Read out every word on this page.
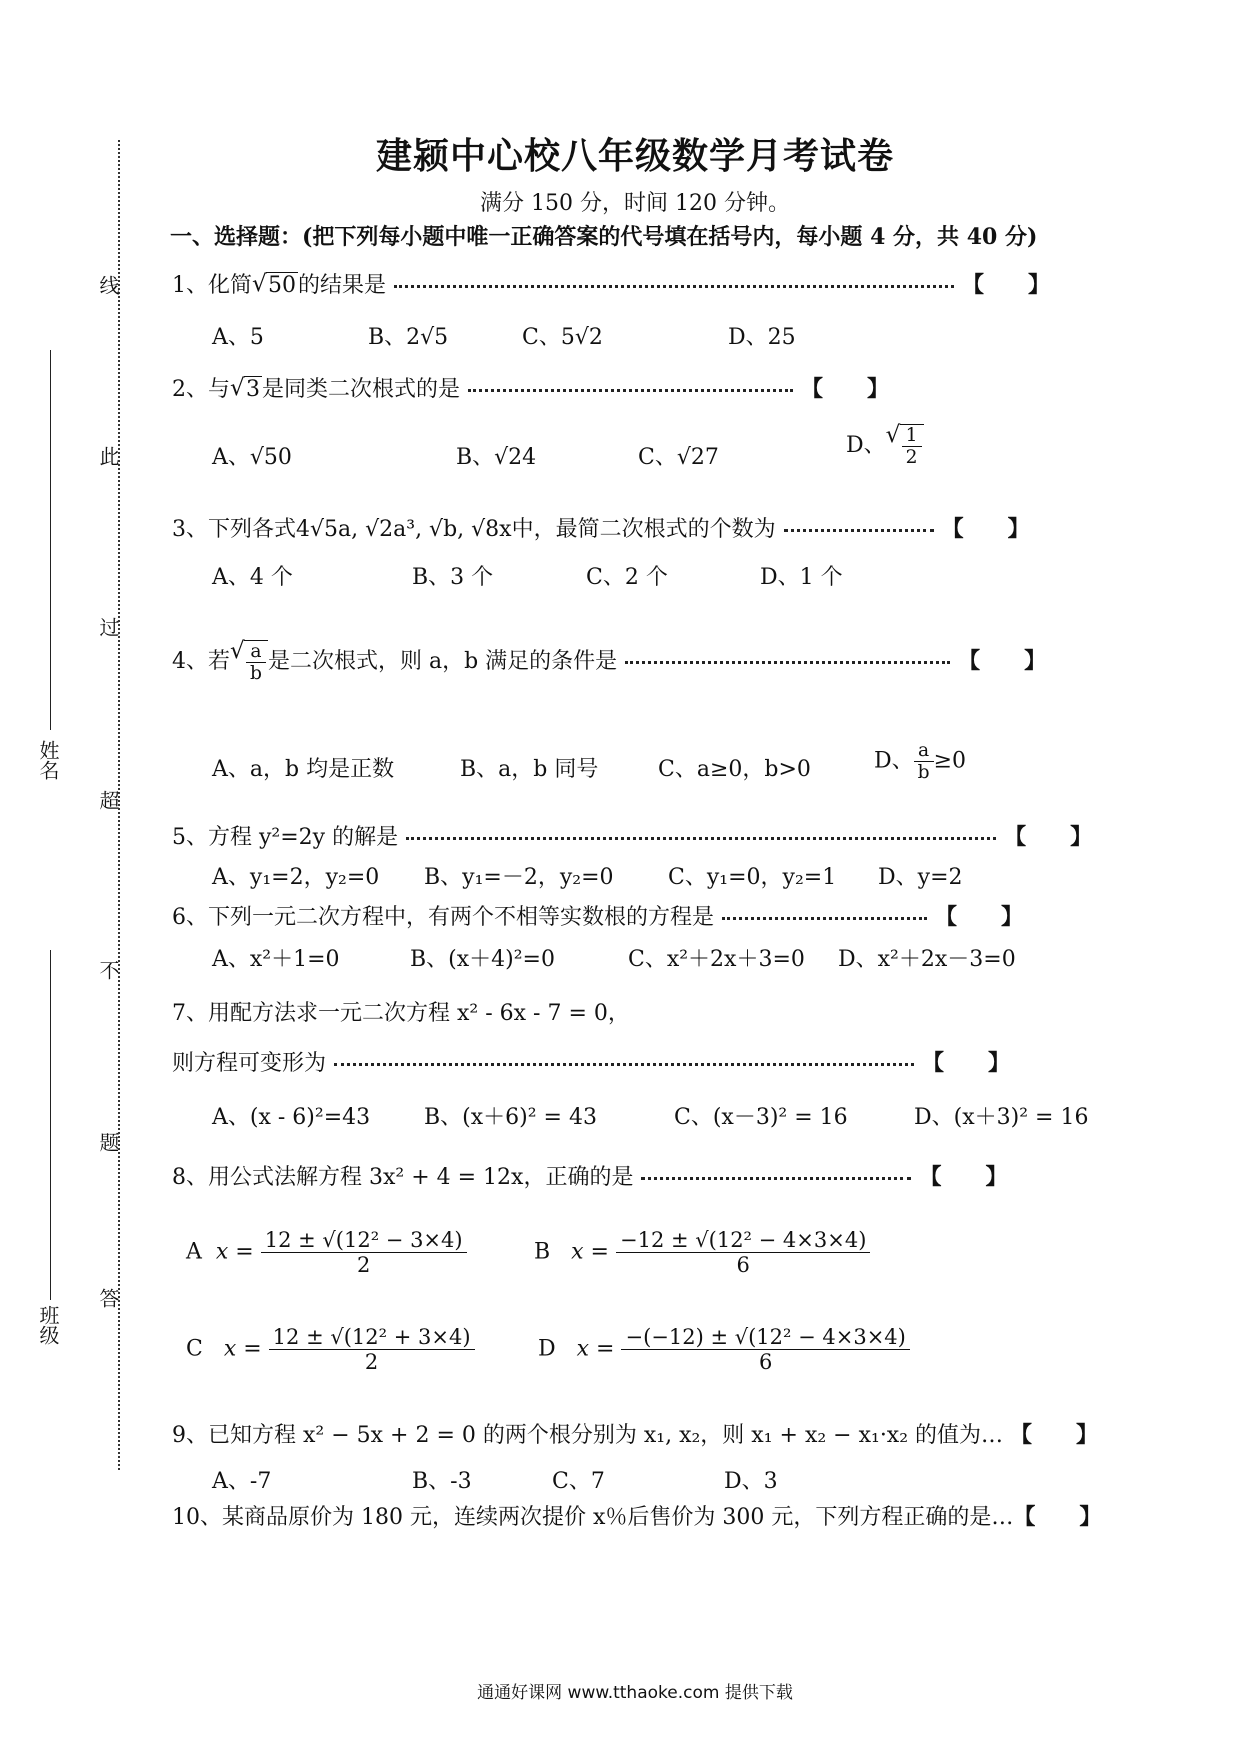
姓名
班级
线
此
过
超
不
题
答
建颍中心校八年级数学月考试卷
满分 150 分，时间 120 分钟。
一、选择题：(把下列每小题中唯一正确答案的代号填在括号内，每小题 4 分，共 40 分)
1、化简 √ 50的结果是	【　　】
A、5	B、2√5	C、5√2	D、25
2、与 √ 3是同类二次根式的是	【　　】
A、√50	B、√24	C、√27	D、 √ $\frac{1}{2}$
3、下列各式4√5a, √2a³, √b, √8x中，最简二次根式的个数为	【　　】
A、4 个	B、3 个	C、2 个	D、1 个
4、若 √ $\frac{a}{b}$ 是二次根式，则 a，b 满足的条件是	【　　】
A、a，b 均是正数	B、a，b 同号	C、a≥0，b>0	D、 $\frac{a}{b} \ge 0$
5、方程 y²=2y 的解是	【　　】
A、y₁=2，y₂=0 B、y₁=－2，y₂=0 C、y₁=0，y₂=1 D、y=2
6、下列一元二次方程中，有两个不相等实数根的方程是	【　　】
A、x²＋1=0	B、(x＋4)²=0	C、x²＋2x＋3=0 D、x²＋2x－3=0
7、用配方法求一元二次方程 x² - 6x - 7 = 0，
则方程可变形为	【　　】
A、(x - 6)²=43 B、(x＋6)² = 43	C、(x－3)² = 16	D、(x＋3)² = 16
8、用公式法解方程 3x² + 4 = 12x，正确的是	【　　】
A $x = \frac{\text{12 ± √(12² − 3×4)}}{2}$	B $x = \frac{\text{−12 ± √(12² − 4×3×4)}}{6}$
C $x = \frac{\text{12 ± √(12² + 3×4)}}{2}$	D $x = \frac{\text{−(−12) ± √(12² − 4×3×4)}}{6}$
9、已知方程 x² − 5x + 2 = 0 的两个根分别为 x₁, x₂，则 x₁ + x₂ − x₁·x₂ 的值为… 【　　】
A、-7	B、-3	C、7	D、3
10、某商品原价为 180 元，连续两次提价 x％后售价为 300 元，下列方程正确的是…【　　】
通通好课网 www.tthaoke.com 提供下载
